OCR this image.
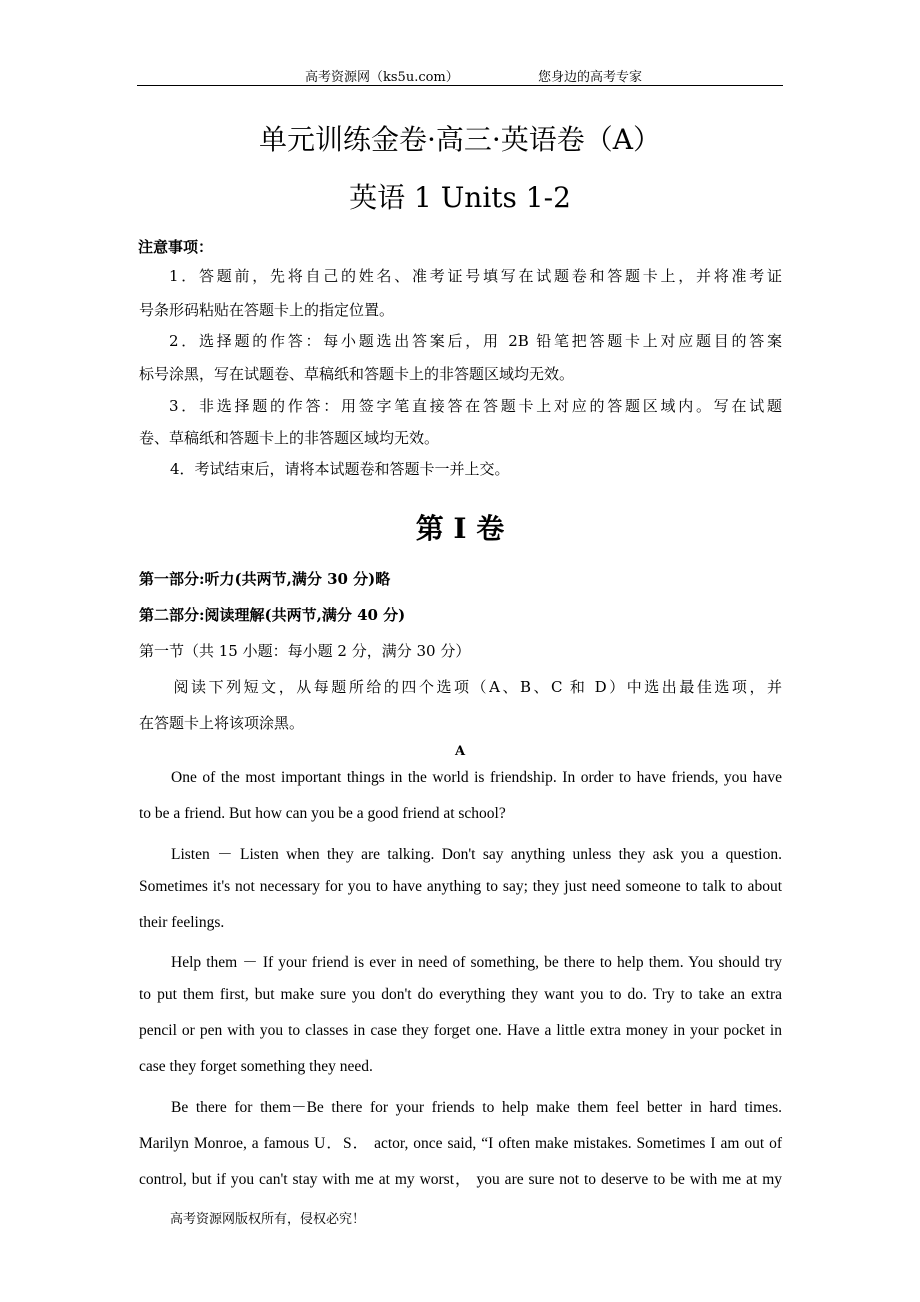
高考资源网（ks5u.com）	您身边的高考专家
单元训练金卷·高三·英语卷（A）
英语 1 Units 1-2
注意事项：
1．答题前，先将自己的姓名、准考证号填写在试题卷和答题卡上，并将准考证
号条形码粘贴在答题卡上的指定位置。
2．选择题的作答：每小题选出答案后，用 2B 铅笔把答题卡上对应题目的答案
标号涂黑，写在试题卷、草稿纸和答题卡上的非答题区域均无效。
3．非选择题的作答：用签字笔直接答在答题卡上对应的答题区域内。写在试题
卷、草稿纸和答题卡上的非答题区域均无效。
4．考试结束后，请将本试题卷和答题卡一并上交。
第 I 卷
第一部分:听力(共两节,满分 30 分)略
第二部分:阅读理解(共两节,满分 40 分)
第一节（共 15 小题：每小题 2 分，满分 30 分）
阅读下列短文，从每题所给的四个选项（A、B、C 和 D）中选出最佳选项，并
在答题卡上将该项涂黑。
A
One of the most important things in the world is friendship. In order to have friends, you have
to be a friend. But how can you be a good friend at school?
Listen － Listen when they are talking. Don't say anything unless they ask you a question.
Sometimes it's not necessary for you to have anything to say; they just need someone to talk to about
their feelings.
Help them － If your friend is ever in need of something, be there to help them. You should try
to put them first, but make sure you don't do everything they want you to do. Try to take an extra
pencil or pen with you to classes in case they forget one. Have a little extra money in your pocket in
case they forget something they need.
Be there for them－Be there for your friends to help make them feel better in hard times.
Marilyn Monroe, a famous U．S． actor, once said, “I often make mistakes. Sometimes I am out of
control, but if you can't stay with me at my worst， you are sure not to deserve to be with me at my
高考资源网版权所有，侵权必究！
